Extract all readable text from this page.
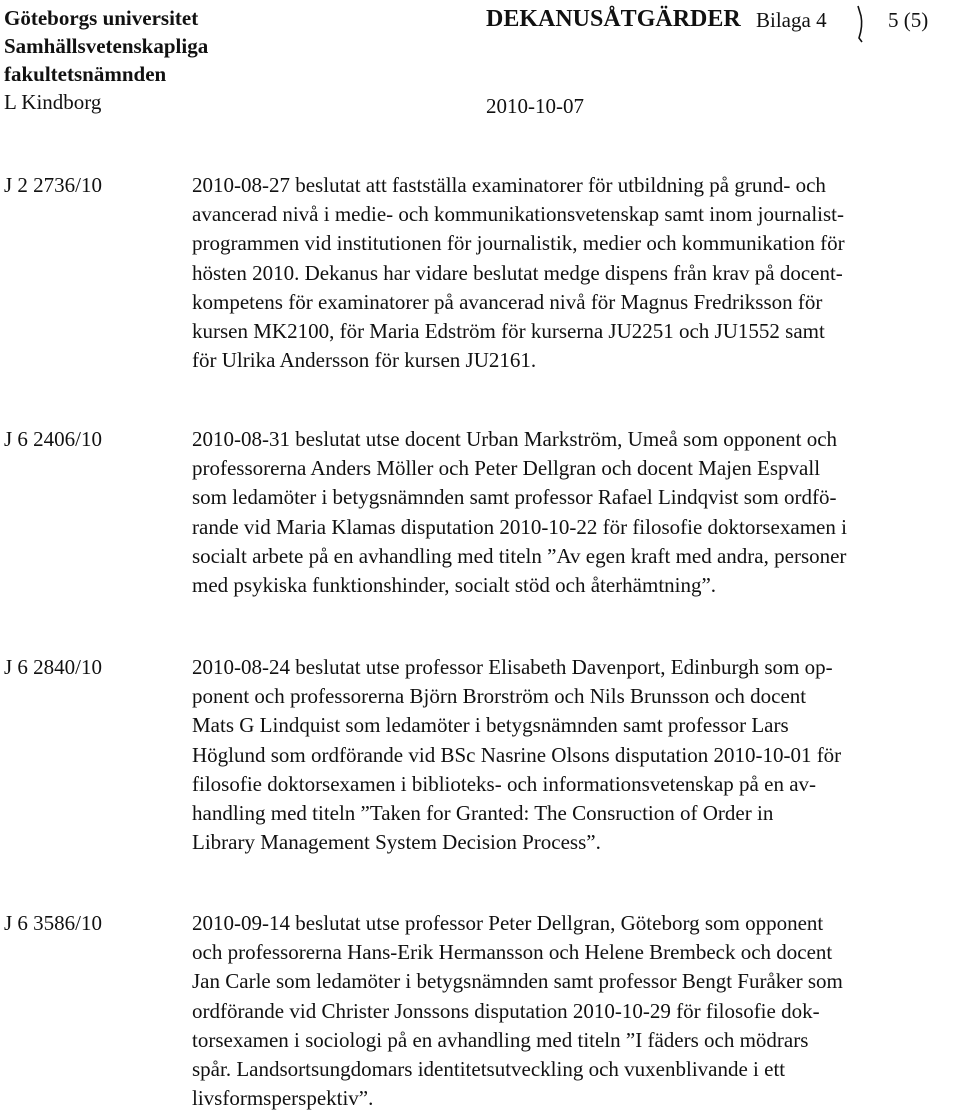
Göteborgs universitet
Samhällsvetenskapliga
fakultetsnämnden
L Kindborg
DEKANUSÅTGÄRDER Bilaga 4	5 (5)
2010-10-07
J 2 2736/10	2010-08-27 beslutat att fastställa examinatorer för utbildning på grund- och
avancerad nivå i medie- och kommunikationsvetenskap samt inom journalist-
programmen vid institutionen för journalistik, medier och kommunikation för
hösten 2010. Dekanus har vidare beslutat medge dispens från krav på docent-
kompetens för examinatorer på avancerad nivå för Magnus Fredriksson för
kursen MK2100, för Maria Edström för kurserna JU2251 och JU1552 samt
för Ulrika Andersson för kursen JU2161.
J 6 2406/10	2010-08-31 beslutat utse docent Urban Markström, Umeå som opponent och
professorerna Anders Möller och Peter Dellgran och docent Majen Espvall
som ledamöter i betygsnämnden samt professor Rafael Lindqvist som ordfö-
rande vid Maria Klamas disputation 2010-10-22 för filosofie doktorsexamen i
socialt arbete på en avhandling med titeln ”Av egen kraft med andra, personer
med psykiska funktionshinder, socialt stöd och återhämtning”.
J 6 2840/10	2010-08-24 beslutat utse professor Elisabeth Davenport, Edinburgh som op-
ponent och professorerna Björn Brorström och Nils Brunsson och docent
Mats G Lindquist som ledamöter i betygsnämnden samt professor Lars
Höglund som ordförande vid BSc Nasrine Olsons disputation 2010-10-01 för
filosofie doktorsexamen i biblioteks- och informationsvetenskap på en av-
handling med titeln ”Taken for Granted: The Consruction of Order in
Library Management System Decision Process”.
J 6 3586/10	2010-09-14 beslutat utse professor Peter Dellgran, Göteborg som opponent
och professorerna Hans-Erik Hermansson och Helene Brembeck och docent
Jan Carle som ledamöter i betygsnämnden samt professor Bengt Furåker som
ordförande vid Christer Jonssons disputation 2010-10-29 för filosofie dok-
torsexamen i sociologi på en avhandling med titeln ”I fäders och mödrars
spår. Landsortsungdomars identitetsutveckling och vuxenblivande i ett
livsformsperspektiv”.
